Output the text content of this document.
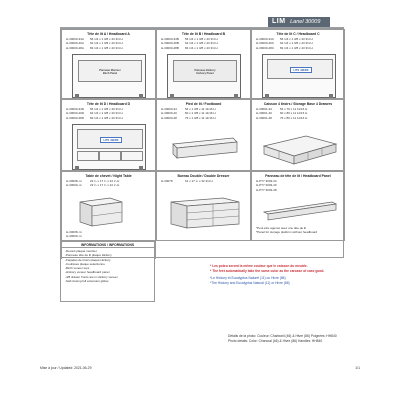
LIM Lanel 30009
Tête de lit A / Headboard A
H-30000-34A	56 1/4 x 1 3/8 x 43 3/4 H
H-30000-40A	62 1/4 x 1 3/8 x 43 3/4 H
H-30000-48A	82 1/4 x 1 3/8 x 43 3/4 H
Panneau Merisier
Birch Panel
Tête de lit B / Headboard B
H-30000-34B	56 1/4 x 1 3/8 x 43 3/4 H
H-30000-40B	62 1/4 x 1 3/8 x 43 3/4 H
H-30000-48B	82 1/4 x 1 3/8 x 43 3/4 H
Panneau Hickory
Hickory Panel
Tête de lit C / Headboard C
H-30000-34C	56 1/4 x 1 3/8 x 43 3/4 H
H-30000-40C	62 1/4 x 1 3/8 x 43 3/4 H
H-30000-48C	82 1/4 x 1 3/8 x 43 3/4 H
LITS / BEDS
Tête de lit D / Headboard D
H-30000-34D	56 1/4 x 1 3/8 x 43 3/4 H
H-30000-40D	62 1/4 x 1 3/8 x 43 3/4 H
H-30000-48D	82 1/4 x 1 3/8 x 43 3/4 H
LITS / BEDS
Pied de lit / Footboard
H-30000-34	54 x 1 3/8 x 11 11/16 H
H-30000-40	60 x 1 3/8 x 11 11/16 H
H-30000-48	76 x 1 3/8 x 11 11/16 H
Caisson 4 tiroirs / Storage Base 4 Drawers
H-30091-34	54 x 79 x 11 11/16 H
H-30091-40	60 x 80 x 11 11/16 H
H-30091-48	76 x 80 x 11 11/16 H
Table de chevet / Night Table
H-30008-.G	23 ¾ x 17 ¾ x 22 ¼ H
H-30009-.G	23 ¾ x 17 ¾ x 22 ¼ H
H-30008-.G
H-30009-.G
Bureau Double / Double Dresser
H-30078	61 x 17 ¾ x 32 3/4 H
Panneau de tête de lit / Headboard Panel
H-PT7 3003-34
H-PT7 3003-40
H-PT7 3003-48
*Peut être agencé avec une tête de lit
*Panel for storage platform without headboard
INFORMATIONS / INFORMATIONS
-Devant plaqué merisier
-Panneau tête de lit plaqué Hickory
-Façades de tiroirs plaqué Hickory
-Coulisses plaque selectionne
-Birch veneer tops
-Hickory veneer headboard panel
-4/8 drawer fronts are in Hickory veneer
-Self-closing full extension glides
* Les poteu seront la même couleur que le caisson du meuble.
* The feet automatically take the same color as the carcase of case good.
*Le Hickory et Eucalyptus Naturel (11) ou Hivre (86)
*The Hickory and Eucalyptus Natural (11) or Hivre (86)
Détails de la photo: Couleur: Charbonil (46) & Hivre (86) Poignées: HH840
Photo details: Color: Charcoal (46) & Hivre (86) Handles: HH840
Mise à jour / Updated: 2021-06-29	1/1
